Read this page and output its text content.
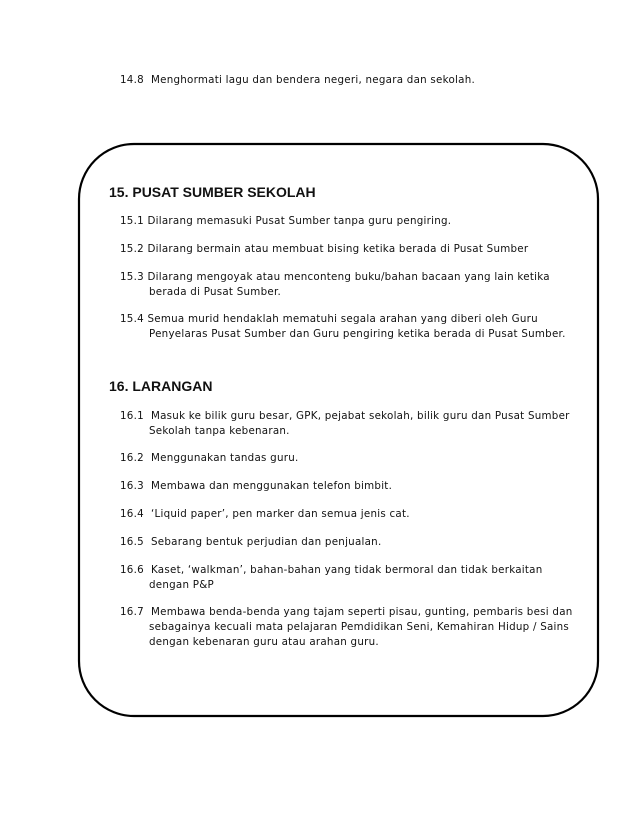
14.8 Menghormati lagu dan bendera negeri, negara dan sekolah.
15. PUSAT SUMBER SEKOLAH
15.1 Dilarang memasuki Pusat Sumber tanpa guru pengiring.
15.2 Dilarang bermain atau membuat bising ketika berada di Pusat Sumber
15.3 Dilarang mengoyak atau menconteng buku/bahan bacaan yang lain ketika
berada di Pusat Sumber.
15.4 Semua murid hendaklah mematuhi segala arahan yang diberi oleh Guru
Penyelaras Pusat Sumber dan Guru pengiring ketika berada di Pusat Sumber.
16. LARANGAN
16.1 Masuk ke bilik guru besar, GPK, pejabat sekolah, bilik guru dan Pusat Sumber
Sekolah tanpa kebenaran.
16.2 Menggunakan tandas guru.
16.3 Membawa dan menggunakan telefon bimbit.
16.4 ‘Liquid paper’, pen marker dan semua jenis cat.
16.5 Sebarang bentuk perjudian dan penjualan.
16.6 Kaset, ‘walkman’, bahan-bahan yang tidak bermoral dan tidak berkaitan
dengan P&P
16.7 Membawa benda-benda yang tajam seperti pisau, gunting, pembaris besi dan
sebagainya kecuali mata pelajaran Pemdidikan Seni, Kemahiran Hidup / Sains
dengan kebenaran guru atau arahan guru.
